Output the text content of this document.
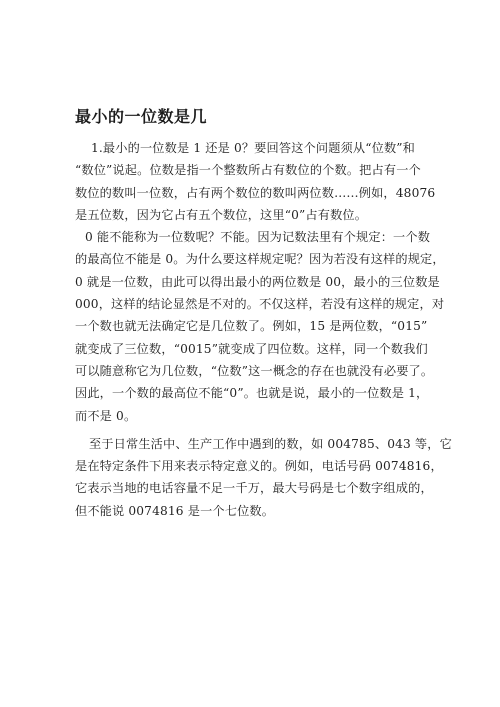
最小的一位数是几
1.最小的一位数是 1 还是 0？要回答这个问题须从“位数”和
“数位”说起。位数是指一个整数所占有数位的个数。把占有一个
数位的数叫一位数，占有两个数位的数叫两位数……例如，48076
是五位数，因为它占有五个数位，这里“0”占有数位。
0 能不能称为一位数呢？不能。因为记数法里有个规定：一个数
的最高位不能是 0。为什么要这样规定呢？因为若没有这样的规定，
0 就是一位数，由此可以得出最小的两位数是 00，最小的三位数是
000，这样的结论显然是不对的。不仅这样，若没有这样的规定，对
一个数也就无法确定它是几位数了。例如，15 是两位数，“015”
就变成了三位数，“0015”就变成了四位数。这样，同一个数我们
可以随意称它为几位数，“位数”这一概念的存在也就没有必要了。
因此，一个数的最高位不能“0”。也就是说，最小的一位数是 1，
而不是 0。
至于日常生活中、生产工作中遇到的数，如 004785、043 等，它
是在特定条件下用来表示特定意义的。例如，电话号码 0074816，
它表示当地的电话容量不足一千万，最大号码是七个数字组成的，
但不能说 0074816 是一个七位数。
